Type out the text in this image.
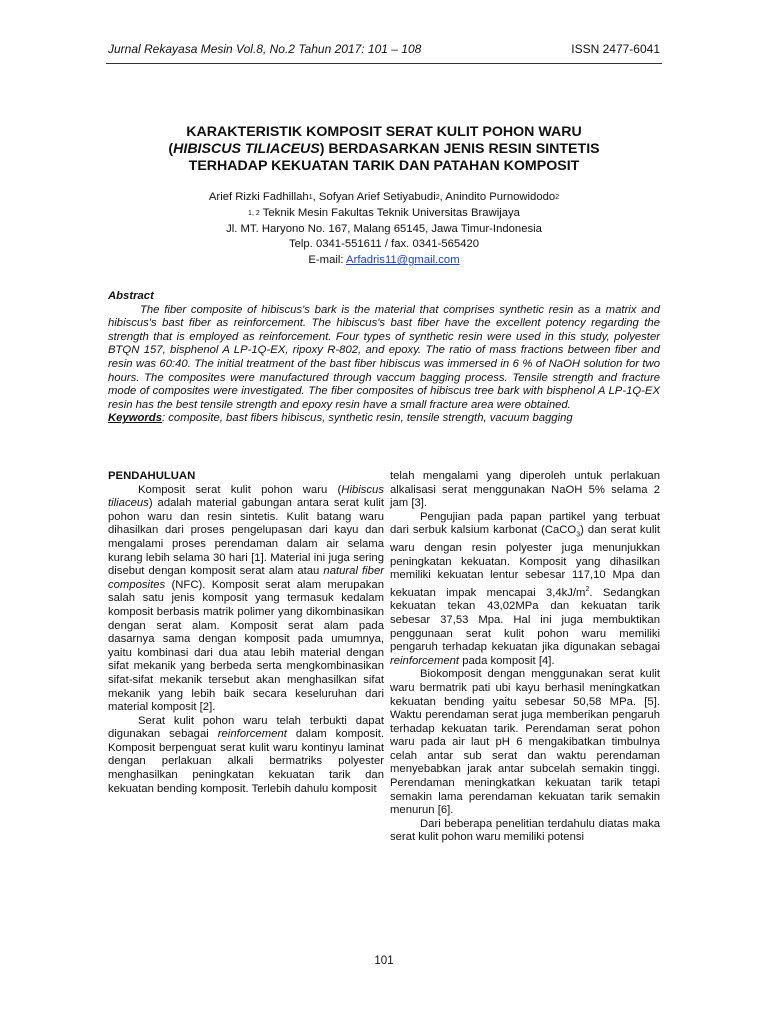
Jurnal Rekayasa Mesin Vol.8, No.2 Tahun 2017: 101 – 108	ISSN 2477-6041
KARAKTERISTIK KOMPOSIT SERAT KULIT POHON WARU
(HIBISCUS TILIACEUS) BERDASARKAN JENIS RESIN SINTETIS
TERHADAP KEKUATAN TARIK DAN PATAHAN KOMPOSIT
Arief Rizki Fadhillah$^1$, Sofyan Arief Setiyabudi$^2$, Anindito Purnowidodo$^2$
$^{1, 2}$ Teknik Mesin Fakultas Teknik Universitas Brawijaya
Jl. MT. Haryono No. 167, Malang 65145, Jawa Timur-Indonesia
Telp. 0341-551611 / fax. 0341-565420
E-mail: Arfadris11@gmail.com
Abstract

The fiber composite of hibiscus's bark is the material that comprises synthetic resin as a matrix and hibiscus's bast fiber as reinforcement. The hibiscus's bast fiber have the excellent potency regarding the strength that is employed as reinforcement. Four types of synthetic resin were used in this study, polyester BTQN 157, bisphenol A LP-1Q-EX, ripoxy R-802, and epoxy. The ratio of mass fractions between fiber and resin was 60:40. The initial treatment of the bast fiber hibiscus was immersed in 6 % of NaOH solution for two hours. The composites were manufactured through vaccum bagging process. Tensile strength and fracture mode of composites were investigated. The fiber composites of hibiscus tree bark with bisphenol A LP-1Q-EX resin has the best tensile strength and epoxy resin have a small fracture area were obtained.

Keywords: composite, bast fibers hibiscus, synthetic resin, tensile strength, vacuum bagging
PENDAHULUAN

Komposit serat kulit pohon waru (Hibiscus tiliaceus) adalah material gabungan antara serat kulit pohon waru dan resin sintetis. Kulit batang waru dihasilkan dari proses pengelupasan dari kayu dan mengalami proses perendaman dalam air selama kurang lebih selama 30 hari [1]. Material ini juga sering disebut dengan komposit serat alam atau natural fiber composites (NFC). Komposit serat alam merupakan salah satu jenis komposit yang termasuk kedalam komposit berbasis matrik polimer yang dikombinasikan dengan serat alam. Komposit serat alam pada dasarnya sama dengan komposit pada umumnya, yaitu kombinasi dari dua atau lebih material dengan sifat mekanik yang berbeda serta mengkombinasikan sifat-sifat mekanik tersebut akan menghasilkan sifat mekanik yang lebih baik secara keseluruhan dari material komposit [2].

Serat kulit pohon waru telah terbukti dapat digunakan sebagai reinforcement dalam komposit. Komposit berpenguat serat kulit waru kontinyu laminat dengan perlakuan alkali bermatriks polyester menghasilkan peningkatan kekuatan tarik dan kekuatan bending komposit. Terlebih dahulu komposit

telah mengalami yang diperoleh untuk perlakuan alkalisasi serat menggunakan NaOH 5% selama 2 jam [3].

Pengujian pada papan partikel yang terbuat dari serbuk kalsium karbonat (CaCO$_3$) dan serat kulit waru dengan resin polyester juga menunjukkan peningkatan kekuatan. Komposit yang dihasilkan memiliki kekuatan lentur sebesar 117,10 Mpa dan kekuatan impak mencapai $3,4kJ/m^2$. Sedangkan kekuatan tekan 43,02MPa dan kekuatan tarik sebesar 37,53 Mpa. Hal ini juga membuktikan penggunaan serat kulit pohon waru memiliki pengaruh terhadap kekuatan jika digunakan sebagai reinforcement pada komposit [4].

Biokomposit dengan menggunakan serat kulit waru bermatrik pati ubi kayu berhasil meningkatkan kekuatan bending yaitu sebesar 50,58 MPa. [5]. Waktu perendaman serat juga memberikan pengaruh terhadap kekuatan tarik. Perendaman serat pohon waru pada air laut pH 6 mengakibatkan timbulnya celah antar sub serat dan waktu perendaman menyebabkan jarak antar subcelah semakin tinggi. Perendaman meningkatkan kekuatan tarik tetapi semakin lama perendaman kekuatan tarik semakin menurun [6].

Dari beberapa penelitian terdahulu diatas maka serat kulit pohon waru memiliki potensi

101
